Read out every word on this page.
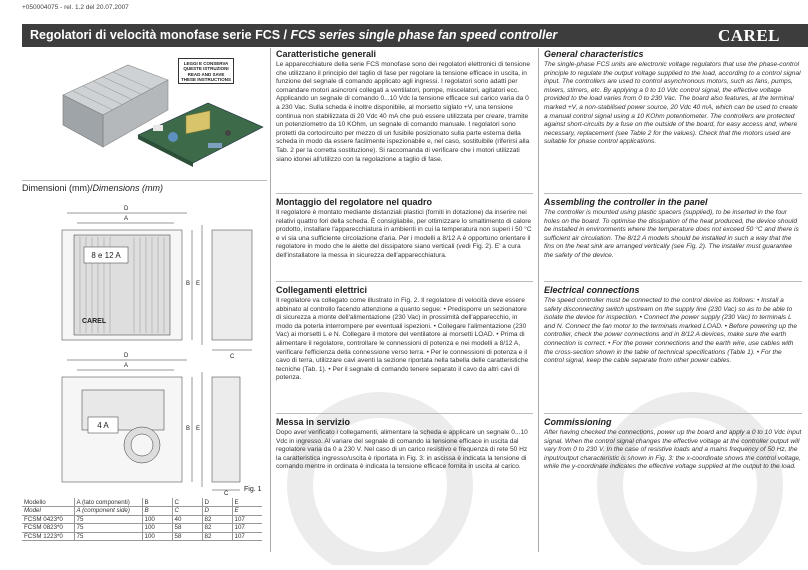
+050004075 - rel. 1.2 del 20.07.2007
Regolatori di velocità monofase serie FCS / FCS series single phase fan speed controller	CAREL
LEGGI E CONSERVA
QUESTE ISTRUZIONI
READ AND SAVE
THESE INSTRUCTIONS
Dimensioni (mm)/Dimensions (mm)
8 e 12 A
CAREL
4 A
D
A
B E
C
D
A
B E
C
Fig. 1
Modello	A (lato componenti)	B	C	D	E
Model	A (component side)	B	C	D	E
FCSM 0423*0	75	100	40	82	107
FCSM 0823*0	75	100	58	82	107
FCSM 1223*0	75	100	58	82	107
Caratteristiche generali
Le apparecchiature della serie FCS monofase sono dei regolatori elettronici di tensione che utilizzano il principio del taglio di fase per regolare la tensione efficace in uscita, in funzione del segnale di comando applicato agli ingressi. I regolatori sono adatti per comandare motori asincroni collegati a ventilatori, pompe, miscelatori, agitatori ecc. Applicando un segnale di comando 0...10 Vdc la tensione efficace sul carico varia da 0 a 230 Vac. Sulla scheda è inoltre disponibile, al morsetto siglato +V, una tensione continua non stabilizzata di 20 Vdc 40 mA che può essere utilizzata per creare, tramite un potenziometro da 10 KOhm, un segnale di comando manuale. I regolatori sono protetti da cortocircuito per mezzo di un fusibile posizionato sulla parte esterna della scheda in modo da essere facilmente ispezionabile e, nel caso, sostituibile (riferirsi alla Tab. 2 per la corretta sostituzione). Si raccomanda di verificare che i motori utilizzati siano idonei all'utilizzo con la regolazione a taglio di fase.
Montaggio del regolatore nel quadro
Il regolatore è montato mediante distanziali plastici (forniti in dotazione) da inserire nei relativi quattro fori della scheda. È consigliabile, per ottimizzare lo smaltimento di calore prodotto, installare l'apparecchiatura in ambienti in cui la temperatura non superi i 50 °C e vi sia una sufficiente circolazione d'aria. Per i modelli a 8/12 A è opportuno orientare il regolatore in modo che le alette del dissipatore siano verticali (vedi Fig. 2). E' a cura dell'installatore la messa in sicurezza dell'apparecchiatura.
Collegamenti elettrici
Il regolatore va collegato come illustrato in Fig. 2. Il regolatore di velocità deve essere abbinato al controllo facendo attenzione a quanto segue: • Predisporre un sezionatore di sicurezza a monte dell'alimentazione (230 Vac) in prossimità dell'apparecchio, in modo da poterla interrompere per eventuali ispezioni. • Collegare l'alimentazione (230 Vac) ai morsetti L e N. Collegare il motore del ventilatore ai morsetti LOAD. • Prima di alimentare il regolatore, controllare le connessioni di potenza e nei modelli a 8/12 A, verificare l'efficienza della connessione verso terra. • Per le connessioni di potenza e il cavo di terra, utilizzare cavi aventi la sezione riportata nella tabella delle caratteristiche tecniche (Tab. 1). • Per il segnale di comando tenere separato il cavo da altri cavi di potenza.
Messa in servizio
Dopo aver verificato i collegamenti, alimentare la scheda e applicare un segnale 0...10 Vdc in ingresso. Al variare del segnale di comando la tensione efficace in uscita dal regolatore varia da 0 a 230 V. Nel caso di un carico resistivo e frequenza di rete 50 Hz la caratteristica ingresso/uscita è riportata in Fig. 3: in ascissa è indicata la tensione di comando mentre in ordinata è indicata la tensione efficace fornita in uscita al carico.
General characteristics
The single-phase FCS units are electronic voltage regulators that use the phase-control principle to regulate the output voltage supplied to the load, according to a control signal input. The controllers are used to control asynchronous motors, such as fans, pumps, mixers, stirrers, etc. By applying a 0 to 10 Vdc control signal, the effective voltage provided to the load varies from 0 to 230 Vac. The board also features, at the terminal marked +V, a non-stabilised power source, 20 Vdc 40 mA, which can be used to create a manual control signal using a 10 KOhm potentiometer. The controllers are protected against short-circuits by a fuse on the outside of the board, for easy access and, where necessary, replacement (see Table 2 for the values). Check that the motors used are suitable for phase control applications.
Assembling the controller in the panel
The controller is mounted using plastic spacers (supplied), to be inserted in the four holes on the board. To optimise the dissipation of the heat produced, the device should be installed in environments where the temperature does not exceed 50 °C and there is sufficient air circulation. The 8/12 A models should be installed in such a way that the fins on the heat sink are arranged vertically (see Fig. 2). The installer must guarantee the safety of the device.
Electrical connections
The speed controller must be connected to the control device as follows: • Install a safety disconnecting switch upstream on the supply line (230 Vac) so as to be able to isolate the device for inspection. • Connect the power supply (230 Vac) to terminals L and N. Connect the fan motor to the terminals marked LOAD. • Before powering up the controller, check the power connections and in 8/12 A devices, make sure the earth connection is correct. • For the power connections and the earth wire, use cables with the cross-section shown in the table of technical specifications (Table 1). • For the control signal, keep the cable separate from other power cables.
Commissioning
After having checked the connections, power up the board and apply a 0 to 10 Vdc input signal. When the control signal changes the effective voltage at the controller output will vary from 0 to 230 V. In the case of resistive loads and a mains frequency of 50 Hz, the input/output characteristic is shown in Fig. 3: the x-coordinate shows the control voltage, while the y-coordinate indicates the effective voltage supplied at the output to the load.
